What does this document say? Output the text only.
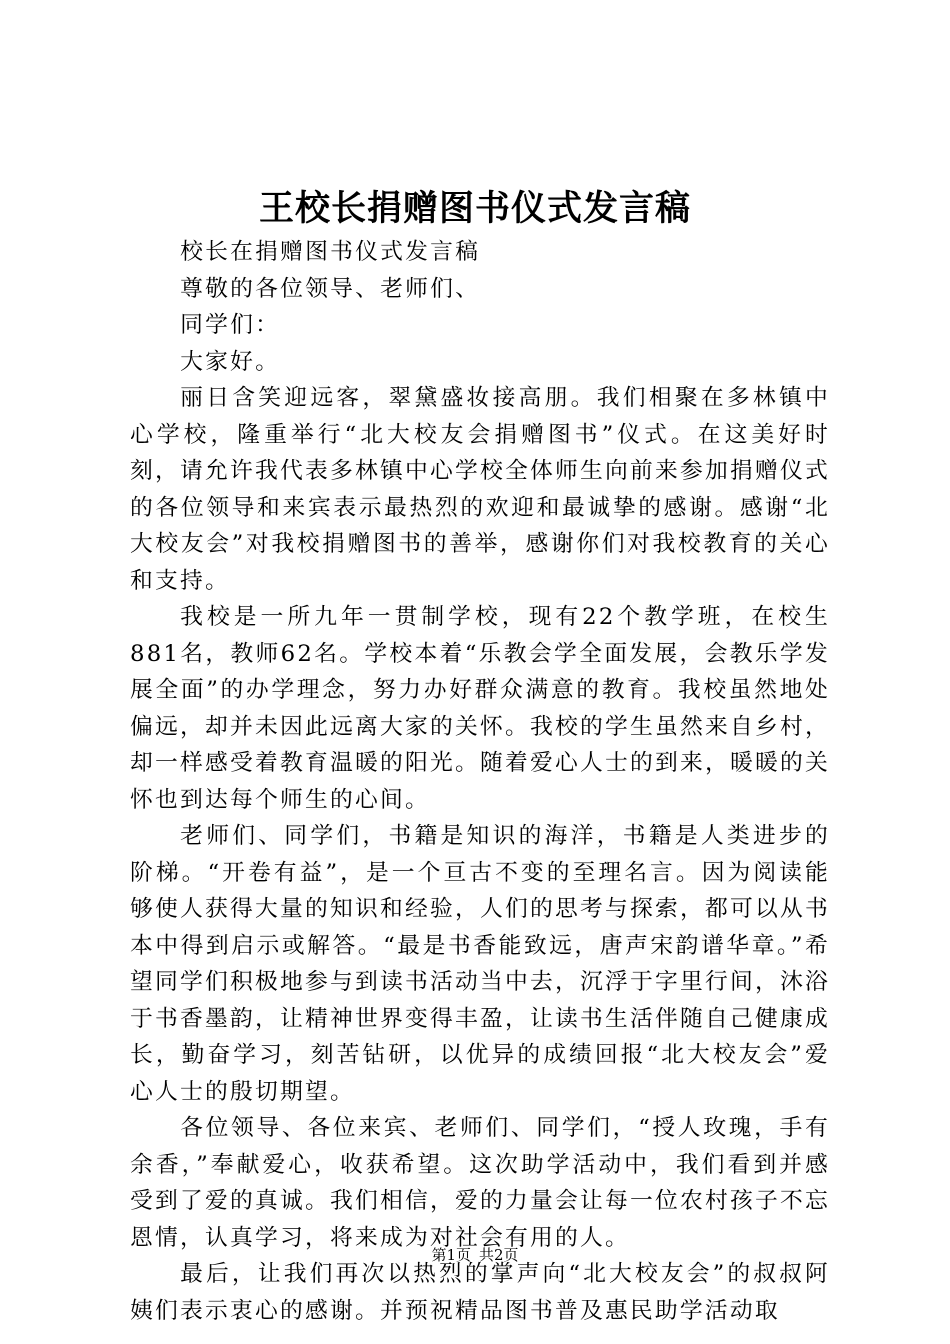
王校长捐赠图书仪式发言稿

校长在捐赠图书仪式发言稿

尊敬的各位领导、老师们、

同学们：

大家好。

丽日含笑迎远客，翠黛盛妆接高朋。我们相聚在多林镇中心学校，隆重举行“北大校友会捐赠图书”仪式。在这美好时刻，请允许我代表多林镇中心学校全体师生向前来参加捐赠仪式的各位领导和来宾表示最热烈的欢迎和最诚挚的感谢。感谢“北大校友会”对我校捐赠图书的善举，感谢你们对我校教育的关心和支持。

我校是一所九年一贯制学校，现有22个教学班，在校生881名，教师62名。学校本着“乐教会学全面发展，会教乐学发展全面”的办学理念，努力办好群众满意的教育。我校虽然地处偏远，却并未因此远离大家的关怀。我校的学生虽然来自乡村，却一样感受着教育温暖的阳光。随着爱心人士的到来，暖暖的关怀也到达每个师生的心间。

老师们、同学们，书籍是知识的海洋，书籍是人类进步的阶梯。“开卷有益”，是一个亘古不变的至理名言。因为阅读能够使人获得大量的知识和经验，人们的思考与探索，都可以从书本中得到启示或解答。“最是书香能致远，唐声宋韵谱华章。”希望同学们积极地参与到读书活动当中去，沉浮于字里行间，沐浴于书香墨韵，让精神世界变得丰盈，让读书生活伴随自己健康成长，勤奋学习，刻苦钻研，以优异的成绩回报“北大校友会”爱心人士的殷切期望。

各位领导、各位来宾、老师们、同学们，“授人玫瑰，手有余香，”奉献爱心，收获希望。这次助学活动中，我们看到并感受到了爱的真诚。我们相信，爱的力量会让每一位农村孩子不忘恩情，认真学习，将来成为对社会有用的人。

最后，让我们再次以热烈的掌声向“北大校友会”的叔叔阿姨们表示衷心的感谢。并预祝精品图书普及惠民助学活动取

第1页 共2页
